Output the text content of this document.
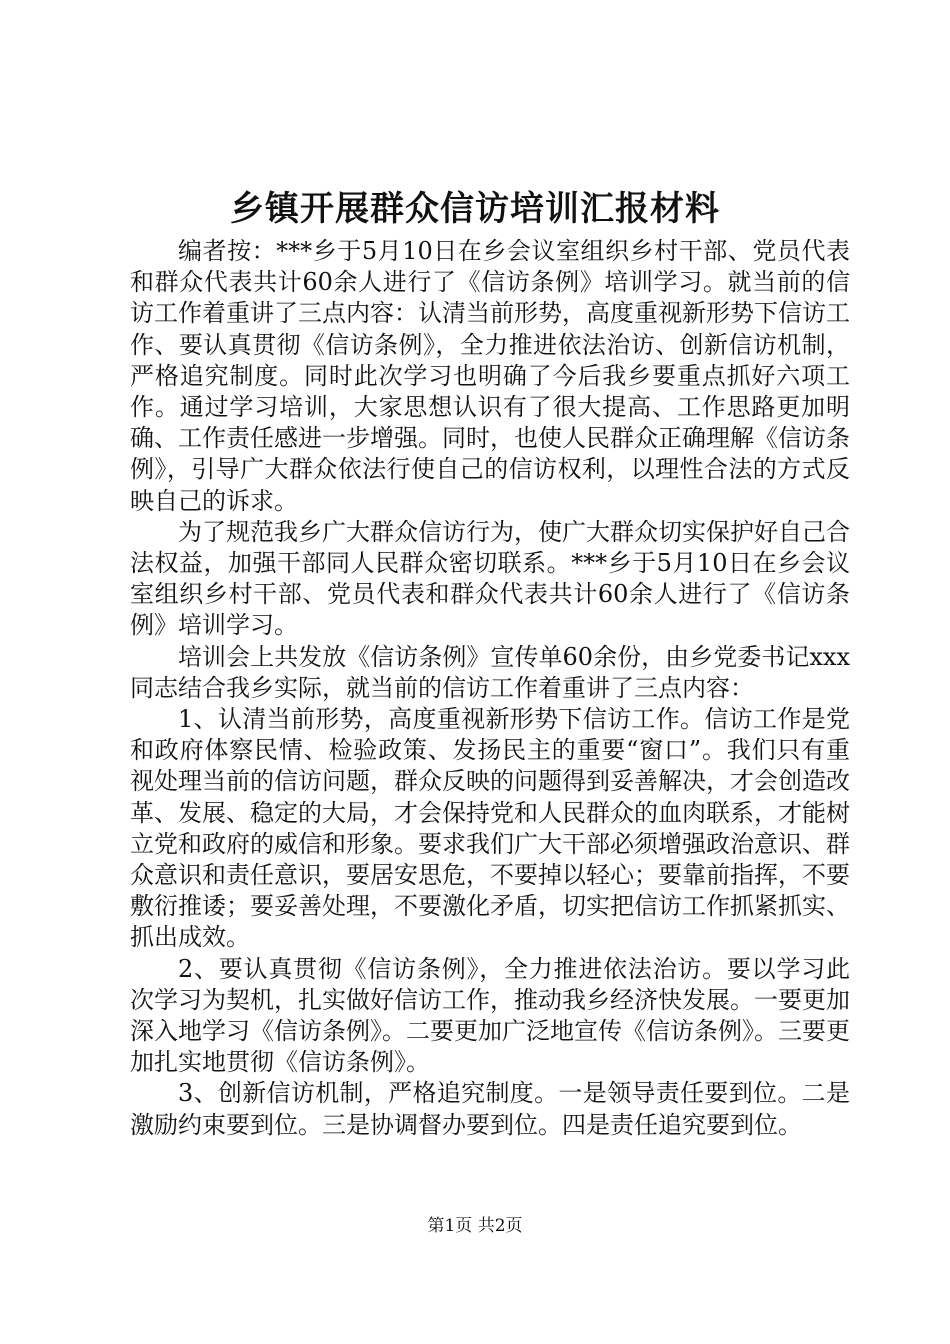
乡镇开展群众信访培训汇报材料

编者按：***乡于5月10日在乡会议室组织乡村干部、党员代表和群众代表共计60余人进行了《信访条例》培训学习。就当前的信访工作着重讲了三点内容：认清当前形势，高度重视新形势下信访工作、要认真贯彻《信访条例》，全力推进依法治访、创新信访机制，严格追究制度。同时此次学习也明确了今后我乡要重点抓好六项工作。通过学习培训，大家思想认识有了很大提高、工作思路更加明确、工作责任感进一步增强。同时，也使人民群众正确理解《信访条例》，引导广大群众依法行使自己的信访权利，以理性合法的方式反映自己的诉求。

为了规范我乡广大群众信访行为，使广大群众切实保护好自己合法权益，加强干部同人民群众密切联系。***乡于5月10日在乡会议室组织乡村干部、党员代表和群众代表共计60余人进行了《信访条例》培训学习。

培训会上共发放《信访条例》宣传单60余份，由乡党委书记xxx同志结合我乡实际，就当前的信访工作着重讲了三点内容：

1、认清当前形势，高度重视新形势下信访工作。信访工作是党和政府体察民情、检验政策、发扬民主的重要“窗口”。我们只有重视处理当前的信访问题，群众反映的问题得到妥善解决，才会创造改革、发展、稳定的大局，才会保持党和人民群众的血肉联系，才能树立党和政府的威信和形象。要求我们广大干部必须增强政治意识、群众意识和责任意识，要居安思危，不要掉以轻心；要靠前指挥，不要敷衍推诿；要妥善处理，不要激化矛盾，切实把信访工作抓紧抓实、抓出成效。

2、要认真贯彻《信访条例》，全力推进依法治访。要以学习此次学习为契机，扎实做好信访工作，推动我乡经济快发展。一要更加深入地学习《信访条例》。二要更加广泛地宣传《信访条例》。三要更加扎实地贯彻《信访条例》。

3、创新信访机制，严格追究制度。一是领导责任要到位。二是激励约束要到位。三是协调督办要到位。四是责任追究要到位。

第1页 共2页
